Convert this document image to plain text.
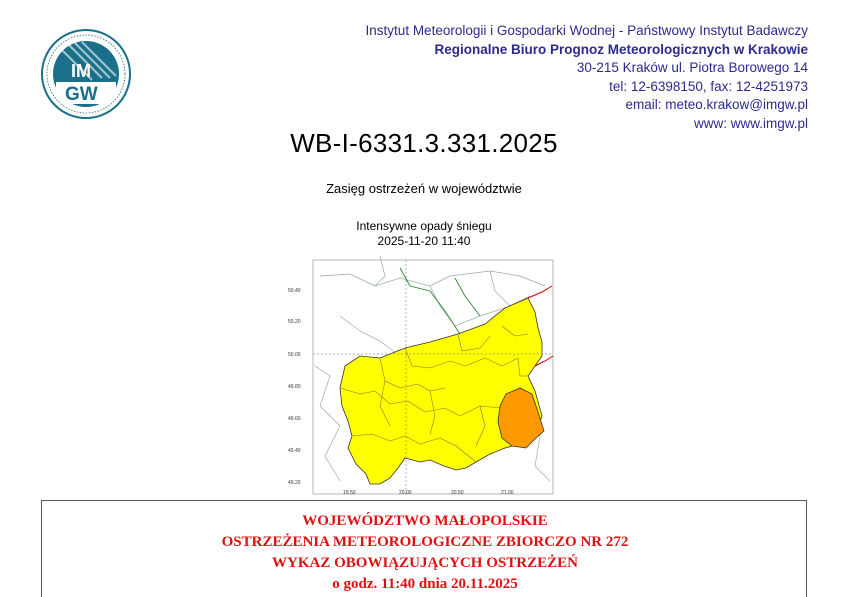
IM
GW
Instytut Meteorologii i Gospodarki Wodnej - Państwowy Instytut Badawczy
Regionalne Biuro Prognoz Meteorologicznych w Krakowie
30-215 Kraków ul. Piotra Borowego 14
tel: 12-6398150, fax: 12-4251973
email: meteo.krakow@imgw.pl
www: www.imgw.pl
WB-I-6331.3.331.2025
Zasięg ostrzeżeń w województwie
Intensywne opady śniegu
2025-11-20 11:40
50.40
50.20
50.00
49.80
49.60
49.40
49.20
19.50	20.00	20.50	21.00
WOJEWÓDZTWO MAŁOPOLSKIE
OSTRZEŻENIA METEOROLOGICZNE ZBIORCZO NR 272
WYKAZ OBOWIĄZUJĄCYCH OSTRZEŻEŃ
o godz. 11:40 dnia 20.11.2025
